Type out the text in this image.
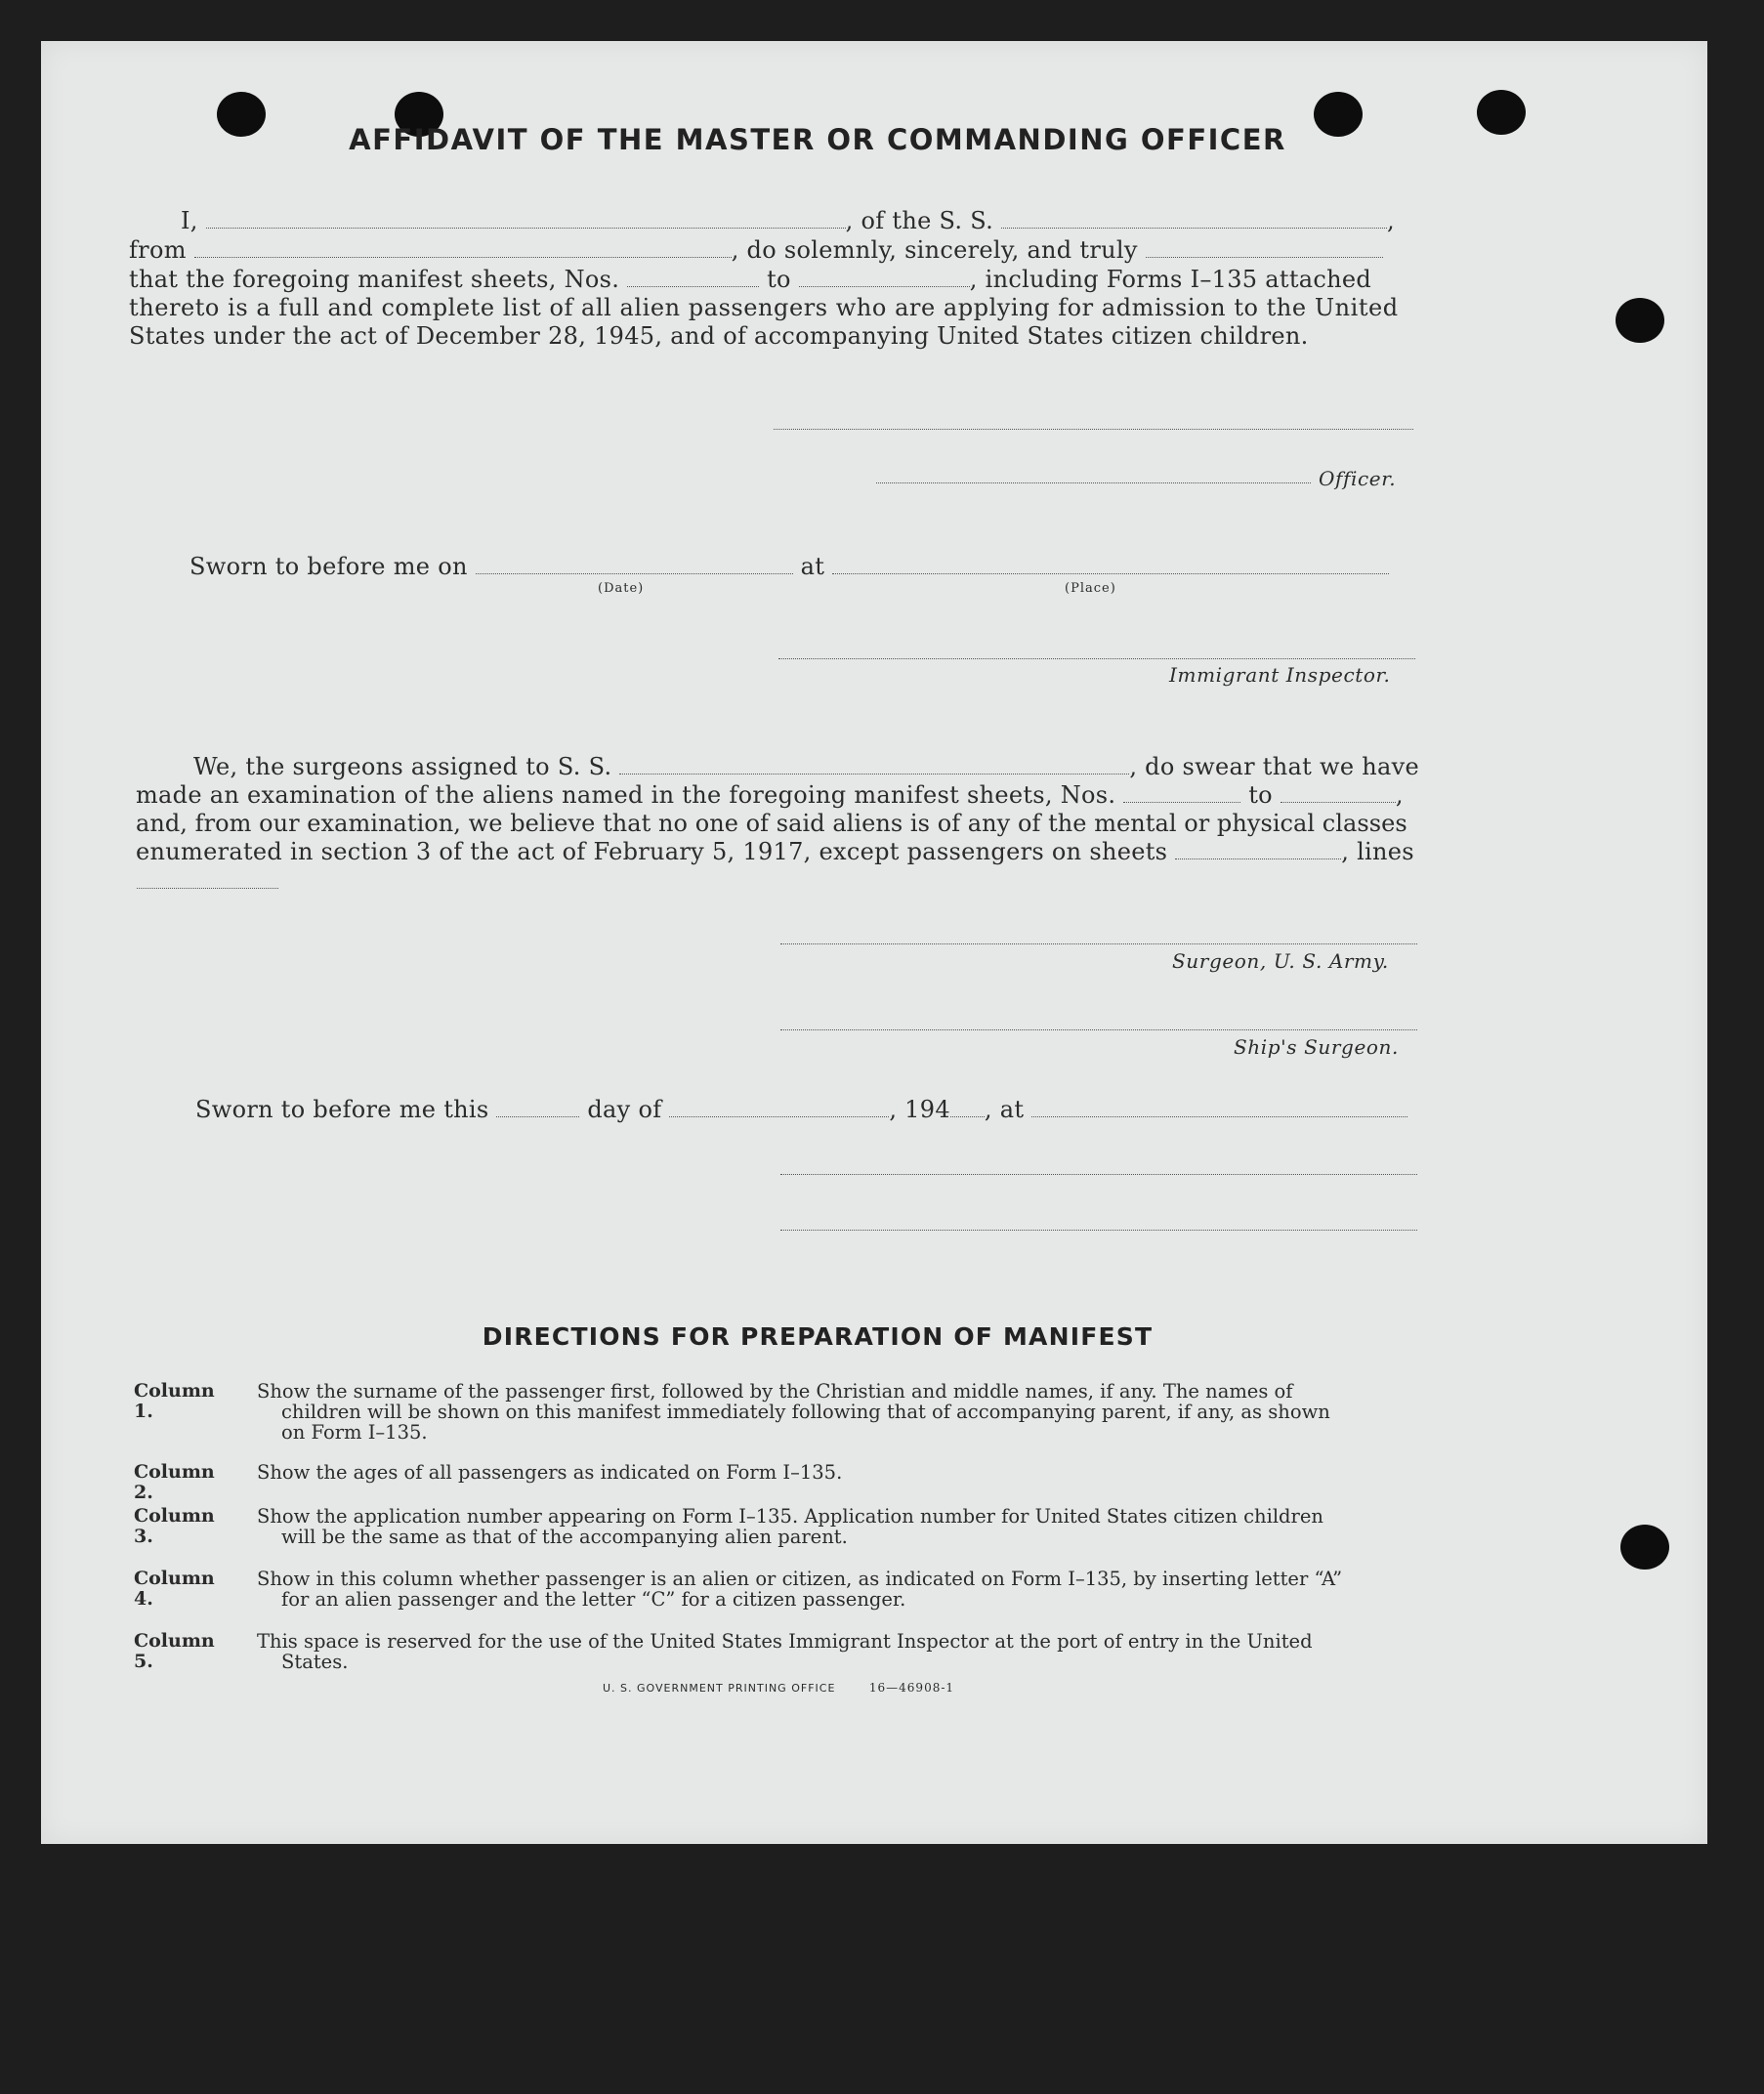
AFFIDAVIT OF THE MASTER OR COMMANDING OFFICER
I,	, of the S. S.	,
from	, do solemnly, sincerely, and truly
that the foregoing manifest sheets, Nos.	to	, including Forms I–135 attached
thereto is a full and complete list of all alien passengers who are applying for admission to the United
States under the act of December 28, 1945, and of accompanying United States citizen children.
Officer.
Sworn to before me on	at
(Date)	(Place)
Immigrant Inspector.
We, the surgeons assigned to S. S.	, do swear that we have
made an examination of the aliens named in the foregoing manifest sheets, Nos.	to	,
and, from our examination, we believe that no one of said aliens is of any of the mental or physical classes
enumerated in section 3 of the act of February 5, 1917, except passengers on sheets	, lines
Surgeon, U. S. Army.
Ship's Surgeon.
Sworn to before me this	day of	, 194 , at
DIRECTIONS FOR PREPARATION OF MANIFEST
Column 1.
Show the surname of the passenger first, followed by the Christian and middle names, if any. The names of
children will be shown on this manifest immediately following that of accompanying parent, if any, as shown
on Form I–135.
Column 2.
Show the ages of all passengers as indicated on Form I–135.
Column 3.
Show the application number appearing on Form I–135. Application number for United States citizen children
will be the same as that of the accompanying alien parent.
Column 4.
Show in this column whether passenger is an alien or citizen, as indicated on Form I–135, by inserting letter “A”
for an alien passenger and the letter “C” for a citizen passenger.
Column 5.
This space is reserved for the use of the United States Immigrant Inspector at the port of entry in the United
States.
U. S. GOVERNMENT PRINTING OFFICE	16—46908-1
